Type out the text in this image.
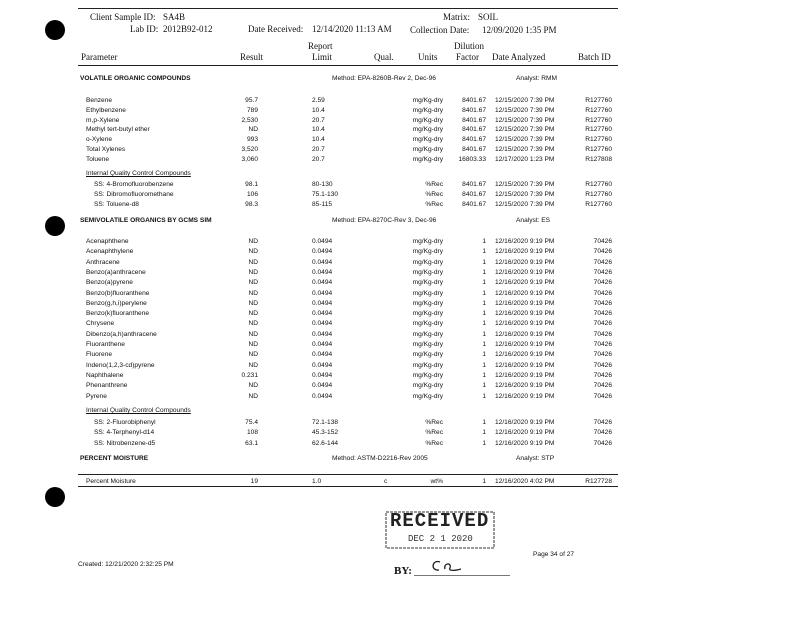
Client Sample ID: SA4B	Matrix: SOIL
Lab ID: 2012B92-012	Date Received: 12/14/2020 11:13 AM Collection Date: 12/09/2020 1:35 PM
Parameter	Result
Report
Limit	Qual.	Units
Dilution
Factor Date Analyzed	Batch ID
VOLATILE ORGANIC COMPOUNDS	Method: EPA-8260B-Rev 2, Dec-96	Analyst: RMM
Benzene	95.7	2.59	mg/Kg-dry	8401.67 12/15/2020 7:39 PM	R127760
Ethylbenzene	789	10.4	mg/Kg-dry	8401.67 12/15/2020 7:39 PM	R127760
m,p-Xylene	2,530	20.7	mg/Kg-dry	8401.67 12/15/2020 7:39 PM	R127760
Methyl tert-butyl ether	ND	10.4	mg/Kg-dry	8401.67 12/15/2020 7:39 PM	R127760
o-Xylene	993	10.4	mg/Kg-dry	8401.67 12/15/2020 7:39 PM	R127760
Total Xylenes	3,520	20.7	mg/Kg-dry	8401.67 12/15/2020 7:39 PM	R127760
Toluene	3,060	20.7	mg/Kg-dry 16803.33 12/17/2020 1:23 PM	R127808
Internal Quality Control Compounds
SS: 4-Bromofluorobenzene	98.1	80-130	%Rec	8401.67 12/15/2020 7:39 PM	R127760
SS: Dibromofluoromethane	106	75.1-130	%Rec	8401.67 12/15/2020 7:39 PM	R127760
SS: Toluene-d8	98.3	85-115	%Rec	8401.67 12/15/2020 7:39 PM	R127760
SEMIVOLATILE ORGANICS BY GCMS SIM	Method: EPA-8270C-Rev 3, Dec-96	Analyst: ES
Acenaphthene	ND	0.0494	mg/Kg-dry	1 12/16/2020 9:19 PM	70426
Acenaphthylene	ND	0.0494	mg/Kg-dry	1 12/16/2020 9:19 PM	70426
Anthracene	ND	0.0494	mg/Kg-dry	1 12/16/2020 9:19 PM	70426
Benzo(a)anthracene	ND	0.0494	mg/Kg-dry	1 12/16/2020 9:19 PM	70426
Benzo(a)pyrene	ND	0.0494	mg/Kg-dry	1 12/16/2020 9:19 PM	70426
Benzo(b)fluoranthene	ND	0.0494	mg/Kg-dry	1 12/16/2020 9:19 PM	70426
Benzo(g,h,i)perylene	ND	0.0494	mg/Kg-dry	1 12/16/2020 9:19 PM	70426
Benzo(k)fluoranthene	ND	0.0494	mg/Kg-dry	1 12/16/2020 9:19 PM	70426
Chrysene	ND	0.0494	mg/Kg-dry	1 12/16/2020 9:19 PM	70426
Dibenzo(a,h)anthracene	ND	0.0494	mg/Kg-dry	1 12/16/2020 9:19 PM	70426
Fluoranthene	ND	0.0494	mg/Kg-dry	1 12/16/2020 9:19 PM	70426
Fluorene	ND	0.0494	mg/Kg-dry	1 12/16/2020 9:19 PM	70426
Indeno(1,2,3-cd)pyrene	ND	0.0494	mg/Kg-dry	1 12/16/2020 9:19 PM	70426
Naphthalene	0.231	0.0494	mg/Kg-dry	1 12/16/2020 9:19 PM	70426
Phenanthrene	ND	0.0494	mg/Kg-dry	1 12/16/2020 9:19 PM	70426
Pyrene	ND	0.0494	mg/Kg-dry	1 12/16/2020 9:19 PM	70426
Internal Quality Control Compounds
SS: 2-Fluorobiphenyl	75.4	72.1-138	%Rec	1 12/16/2020 9:19 PM	70426
SS: 4-Terphenyl-d14	108	45.3-152	%Rec	1 12/16/2020 9:19 PM	70426
SS: Nitrobenzene-d5	63.1	62.6-144	%Rec	1 12/16/2020 9:19 PM	70426
PERCENT MOISTURE	Method: ASTM-D2216-Rev 2005	Analyst: STP
Percent Moisture	19	1.0	c	wt%	1 12/16/2020 4:02 PM	R127728
RECEIVED
DEC 2 1 2020
BY:
Page 34 of 27
Created: 12/21/2020 2:32:25 PM
